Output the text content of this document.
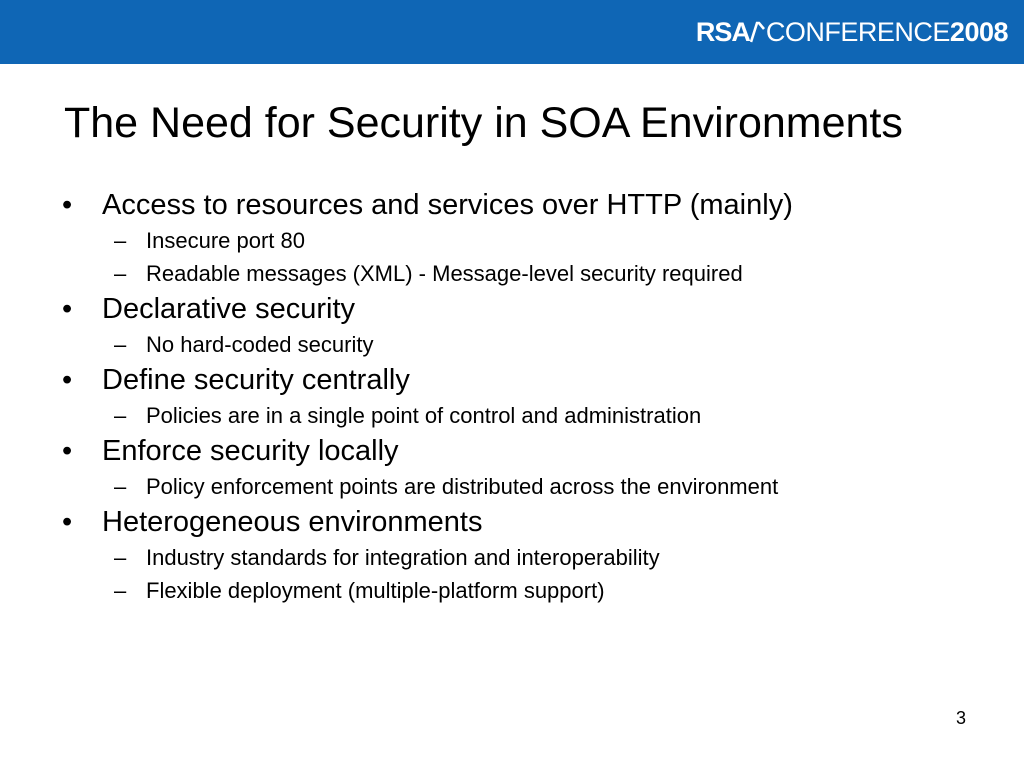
RSA CONFERENCE 2008
The Need for Security in SOA Environments
• Access to resources and services over HTTP (mainly)
– Insecure port 80
– Readable messages (XML) - Message-level security required
• Declarative security
– No hard-coded security
• Define security centrally
– Policies are in a single point of control and administration
• Enforce security locally
– Policy enforcement points are distributed across the environment
• Heterogeneous environments
– Industry standards for integration and interoperability
– Flexible deployment (multiple-platform support)
3
